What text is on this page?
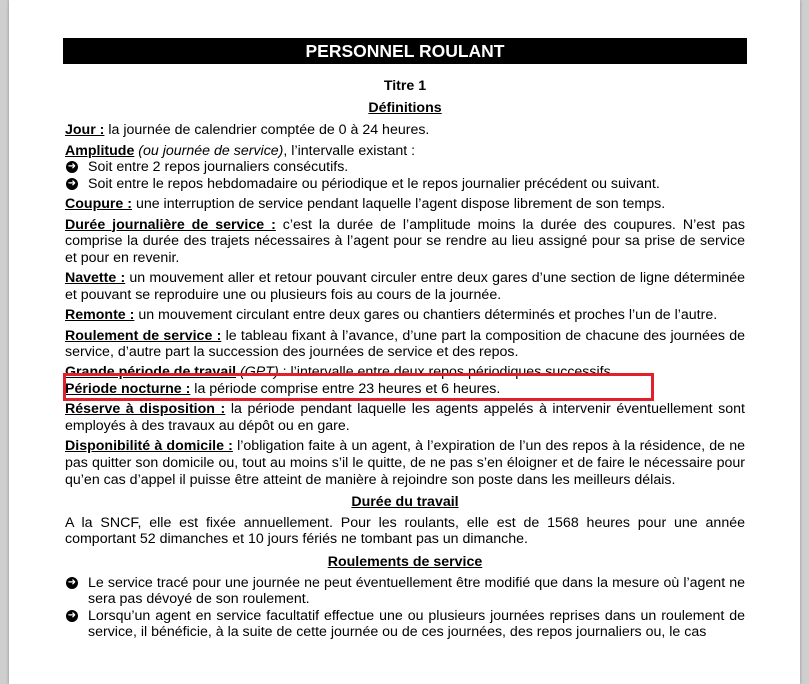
PERSONNEL ROULANT

Titre 1

Définitions

Jour : la journée de calendrier comptée de 0 à 24 heures.

Amplitude (ou journée de service), l’intervalle existant :

➜ Soit entre 2 repos journaliers consécutifs.
➜ Soit entre le repos hebdomadaire ou périodique et le repos journalier précédent ou suivant.

Coupure : une interruption de service pendant laquelle l’agent dispose librement de son temps.

Durée journalière de service : c’est la durée de l’amplitude moins la durée des coupures. N’est pas comprise la durée des trajets nécessaires à l’agent pour se rendre au lieu assigné pour sa prise de service et pour en revenir.

Navette : un mouvement aller et retour pouvant circuler entre deux gares d’une section de ligne déterminée et pouvant se reproduire une ou plusieurs fois au cours de la journée.

Remonte : un mouvement circulant entre deux gares ou chantiers déterminés et proches l’un de l’autre.

Roulement de service : le tableau fixant à l’avance, d’une part la composition de chacune des journées de service, d’autre part la succession des journées de service et des repos.

Grande période de travail (GPT) : l’intervalle entre deux repos périodiques successifs.

Période nocturne : la période comprise entre 23 heures et 6 heures.

Réserve à disposition : la période pendant laquelle les agents appelés à intervenir éventuellement sont employés à des travaux au dépôt ou en gare.

Disponibilité à domicile : l’obligation faite à un agent, à l’expiration de l’un des repos à la résidence, de ne pas quitter son domicile ou, tout au moins s’il le quitte, de ne pas s’en éloigner et de faire le nécessaire pour qu’en cas d’appel il puisse être atteint de manière à rejoindre son poste dans les meilleurs délais.

Durée du travail

A la SNCF, elle est fixée annuellement. Pour les roulants, elle est de 1568 heures pour une année comportant 52 dimanches et 10 jours fériés ne tombant pas un dimanche.

Roulements de service

➜ Le service tracé pour une journée ne peut éventuellement être modifié que dans la mesure où l’agent ne sera pas dévoyé de son roulement.
➜ Lorsqu’un agent en service facultatif effectue une ou plusieurs journées reprises dans un roulement de service, il bénéficie, à la suite de cette journée ou de ces journées, des repos journaliers ou, le cas
